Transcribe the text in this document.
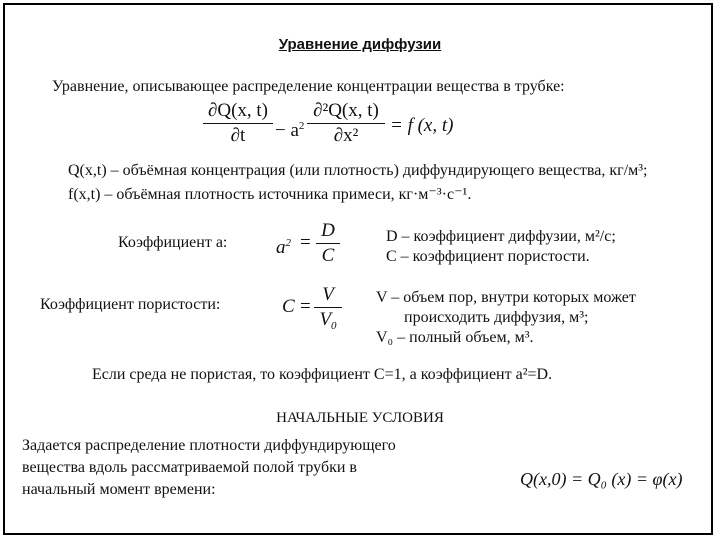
Уравнение диффузии
Уравнение, описывающее распределение концентрации вещества в трубке:
∂Q(x, t)
∂t	− $a^2$
∂²Q(x, t)
∂x²	= f (x, t)
Q(x,t) – объёмная концентрация (или плотность) диффундирующего вещества, кг/м³;
f(x,t) – объёмная плотность источника примеси, кг·м⁻³·с⁻¹.
Коэффициент a:	$a^2$ =
D
C
D – коэффициент диффузии, м²/с;
C – коэффициент пористости.
Коэффициент пористости:	C =
V
$V_0$
V – объем пор, внутри которых может
происходить диффузия, м³;
V₀ – полный объем, м³.
Если среда не пористая, то коэффициент C=1, а коэффициент a²=D.
НАЧАЛЬНЫЕ УСЛОВИЯ
Задается распределение плотности диффундирующего
вещества вдоль рассматриваемой полой трубки в
начальный момент времени:
Q(x,0) = Q₀ (x) = φ(x)
